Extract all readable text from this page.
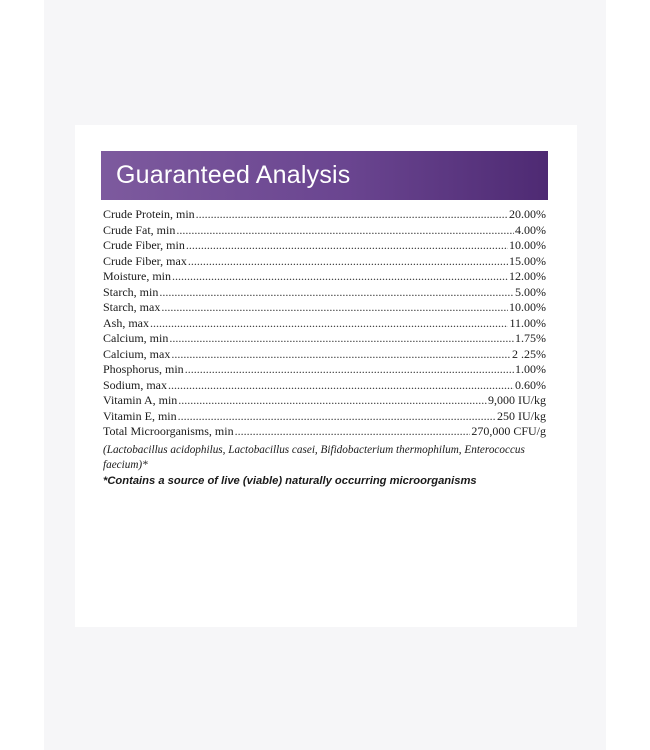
Guaranteed Analysis
Crude Protein, min .....	20.00%
Crude Fat, min .....	4.00%
Crude Fiber, min .....	10.00%
Crude Fiber, max .....	15.00%
Moisture, min .....	12.00%
Starch, min .....	5.00%
Starch, max .....	10.00%
Ash, max .....	11.00%
Calcium, min .....	1.75%
Calcium, max .....	2 .25%
Phosphorus, min .....	1.00%
Sodium, max .....	0.60%
Vitamin A, min .....	9,000 IU/kg
Vitamin E, min .....	250 IU/kg
Total Microorganisms, min .....	270,000 CFU/g
(Lactobacillus acidophilus, Lactobacillus casei, Bifidobacterium thermophilum, Enterococcus faecium)*
*Contains a source of live (viable) naturally occurring microorganisms
